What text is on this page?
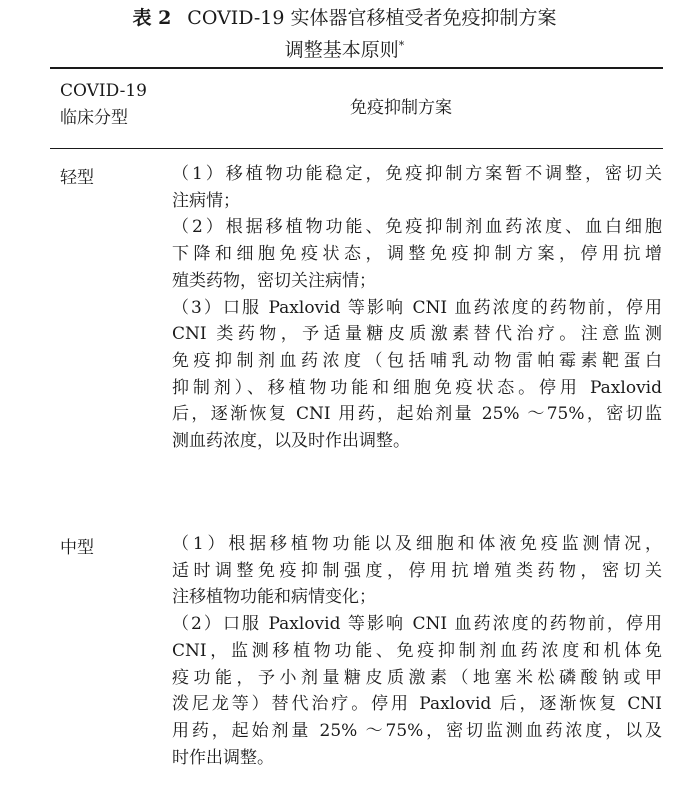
表 2 COVID-19 实体器官移植受者免疫抑制方案
调整基本原则*
COVID-19
临床分型	免疫抑制方案
轻型	（1）移植物功能稳定，免疫抑制方案暂不调整，密切关
注病情；
（2）根据移植物功能、免疫抑制剂血药浓度、血白细胞
下降和细胞免疫状态，调整免疫抑制方案，停用抗增
殖类药物，密切关注病情；
（3）口服 Paxlovid 等影响 CNI 血药浓度的药物前，停用
CNI 类药物，予适量糖皮质激素替代治疗。注意监测
免疫抑制剂血药浓度（包括哺乳动物雷帕霉素靶蛋白
抑制剂）、移植物功能和细胞免疫状态。停用 Paxlovid
后，逐渐恢复 CNI 用药，起始剂量 25% ～75%，密切监
测血药浓度，以及时作出调整。
中型	（1）根据移植物功能以及细胞和体液免疫监测情况，
适时调整免疫抑制强度，停用抗增殖类药物，密切关
注移植物功能和病情变化；
（2）口服 Paxlovid 等影响 CNI 血药浓度的药物前，停用
CNI，监测移植物功能、免疫抑制剂血药浓度和机体免
疫功能，予小剂量糖皮质激素（地塞米松磷酸钠或甲
泼尼龙等）替代治疗。停用 Paxlovid 后，逐渐恢复 CNI
用药，起始剂量 25% ～75%，密切监测血药浓度，以及
时作出调整。
